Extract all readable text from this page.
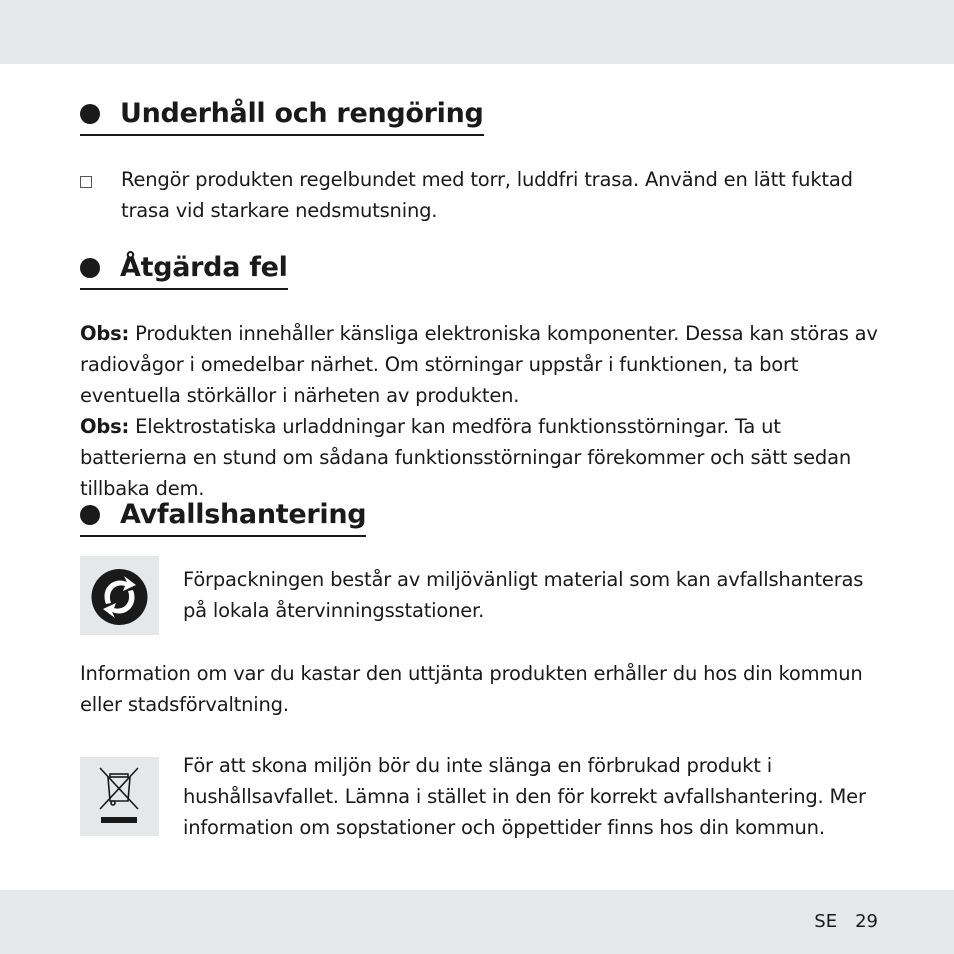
Underhåll och rengöring
Rengör produkten regelbundet med torr, luddfri trasa. Använd en lätt fuktad trasa vid starkare nedsmutsning.
Åtgärda fel
Obs: Produkten innehåller känsliga elektroniska komponenter. Dessa kan störas av radiovågor i omedelbar närhet. Om störningar uppstår i funktionen, ta bort eventuella störkällor i närheten av produkten.
Obs: Elektrostatiska urladdningar kan medföra funktionsstörningar. Ta ut batterierna en stund om sådana funktionsstörningar förekommer och sätt sedan tillbaka dem.
Avfallshantering
Förpackningen består av miljövänligt material som kan avfallshanteras på lokala återvinningsstationer.
Information om var du kastar den uttjänta produkten erhåller du hos din kommun eller stadsförvaltning.
För att skona miljön bör du inte slänga en förbrukad produkt i hushållsavfallet. Lämna i stället in den för korrekt avfallshantering. Mer information om sopstationer och öppettider finns hos din kommun.
SE 29
